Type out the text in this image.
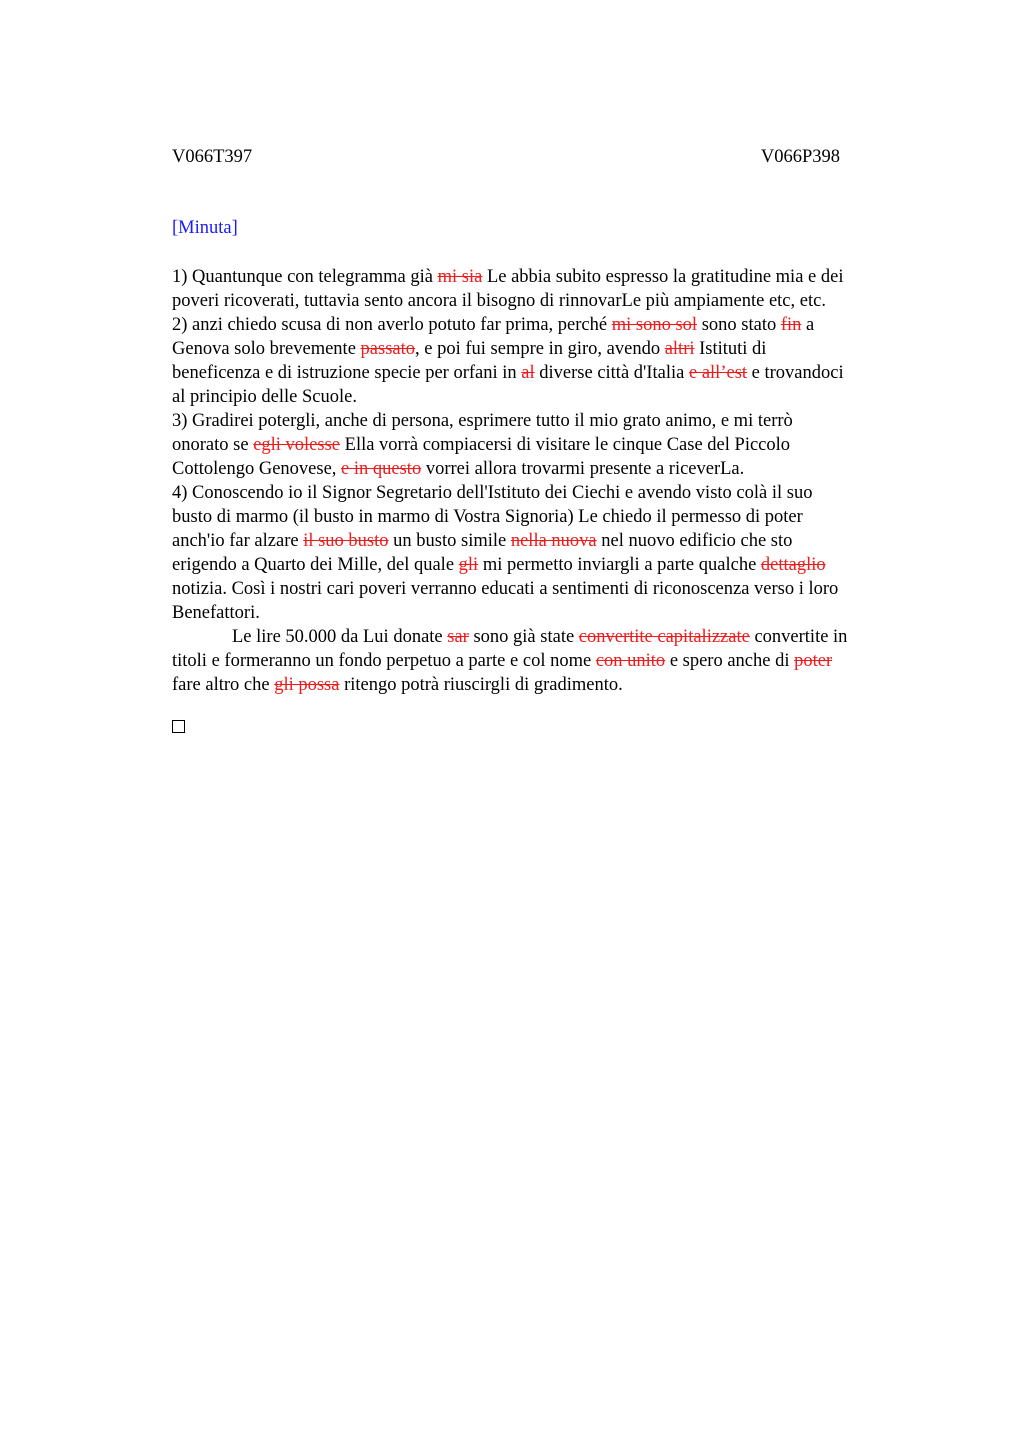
V066T397	V066P398
[Minuta]
1) Quantunque con telegramma già mi sia Le abbia subito espresso la gratitudine mia e dei
poveri ricoverati, tuttavia sento ancora il bisogno di rinnovarLe più ampiamente etc, etc.
2) anzi chiedo scusa di non averlo potuto far prima, perché mi sono sol sono stato fin a
Genova solo brevemente passato, e poi fui sempre in giro, avendo altri Istituti di
beneficenza e di istruzione specie per orfani in al diverse città d'Italia e all’est e trovandoci
al principio delle Scuole.
3) Gradirei potergli, anche di persona, esprimere tutto il mio grato animo, e mi terrò
onorato se egli volesse Ella vorrà compiacersi di visitare le cinque Case del Piccolo
Cottolengo Genovese, e in questo vorrei allora trovarmi presente a riceverLa.
4) Conoscendo io il Signor Segretario dell'Istituto dei Ciechi e avendo visto colà il suo
busto di marmo (il busto in marmo di Vostra Signoria) Le chiedo il permesso di poter
anch'io far alzare il suo busto un busto simile nella nuova nel nuovo edificio che sto
erigendo a Quarto dei Mille, del quale gli mi permetto inviargli a parte qualche dettaglio
notizia. Così i nostri cari poveri verranno educati a sentimenti di riconoscenza verso i loro
Benefattori.
Le lire 50.000 da Lui donate sar sono già state convertite capitalizzate convertite in
titoli e formeranno un fondo perpetuo a parte e col nome con unito e spero anche di poter
fare altro che gli possa ritengo potrà riuscirgli di gradimento.
